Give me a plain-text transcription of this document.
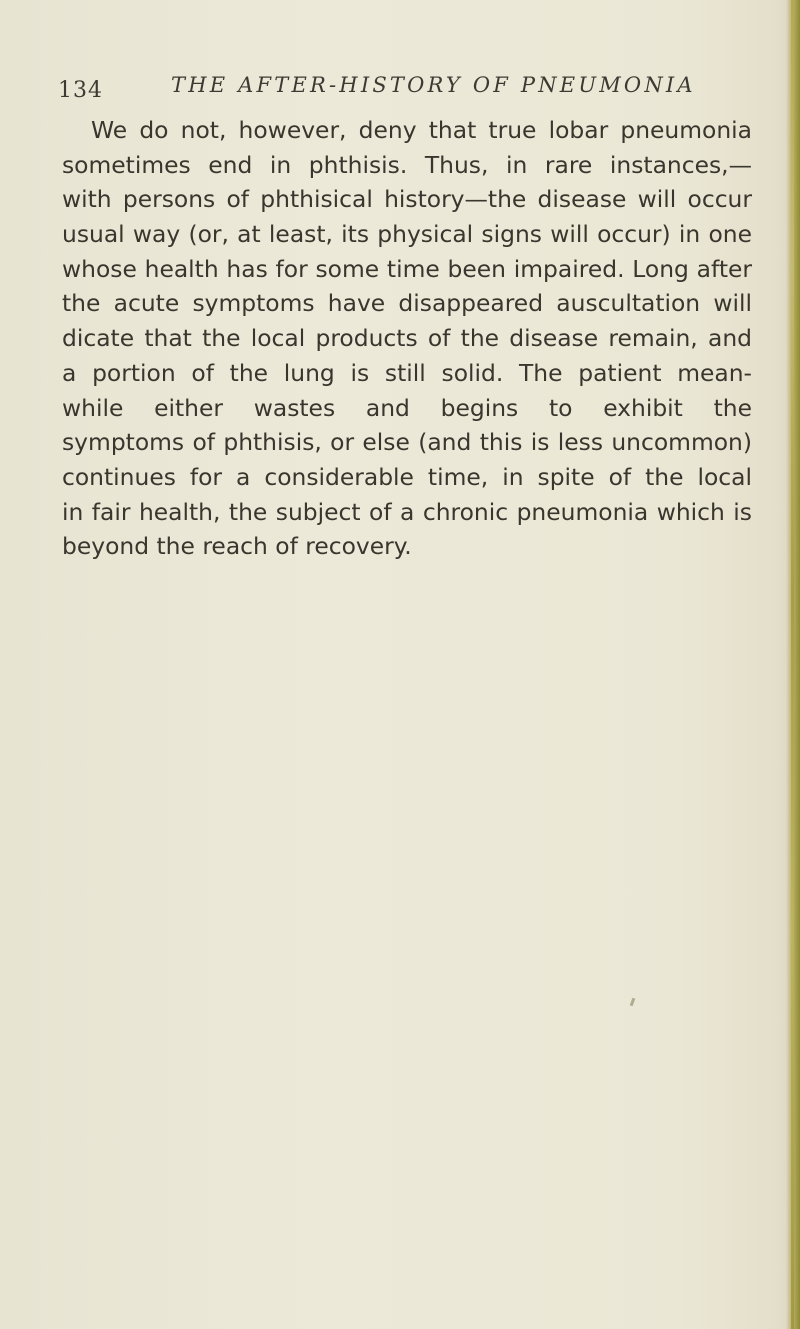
134	THE AFTER-HISTORY OF PNEUMONIA
We do not, however, deny that true lobar pneumonia
sometimes end in phthisis. Thus, in rare instances,—
with persons of phthisical history—the disease will occur
usual way (or, at least, its physical signs will occur) in one
whose health has for some time been impaired. Long after
the acute symptoms have disappeared auscultation will
dicate that the local products of the disease remain, and
a portion of the lung is still solid. The patient mean-
while either wastes and begins to exhibit the
symptoms of phthisis, or else (and this is less uncommon)
continues for a considerable time, in spite of the local
in fair health, the subject of a chronic pneumonia which is
beyond the reach of recovery.
